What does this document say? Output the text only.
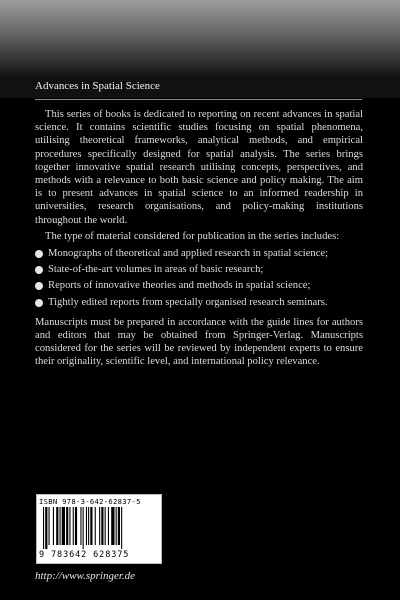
Advances in Spatial Science

This series of books is dedicated to reporting on recent advances in spatial science. It contains scientific studies focusing on spatial phenomena, utilising theoretical frameworks, analytical methods, and empirical procedures specifically designed for spatial analysis. The series brings together innovative spatial research utilising concepts, perspectives, and methods with a relevance to both basic science and policy making. The aim is to present advances in spatial science to an informed readership in universities, research organisations, and policy-making institutions throughout the world.

The type of material considered for publication in the series includes:

Monographs of theoretical and applied research in spatial science;
State-of-the-art volumes in areas of basic research;
Reports of innovative theories and methods in spatial science;
Tightly edited reports from specially organised research seminars.

Manuscripts must be prepared in accordance with the guide lines for authors and editors that may be obtained from Springer-Verlag. Manuscripts considered for the series will be reviewed by independent experts to ensure their originality, scientific level, and international policy relevance.

ISBN 978-3-642-62837-5
9 783642 628375
http://www.springer.de
